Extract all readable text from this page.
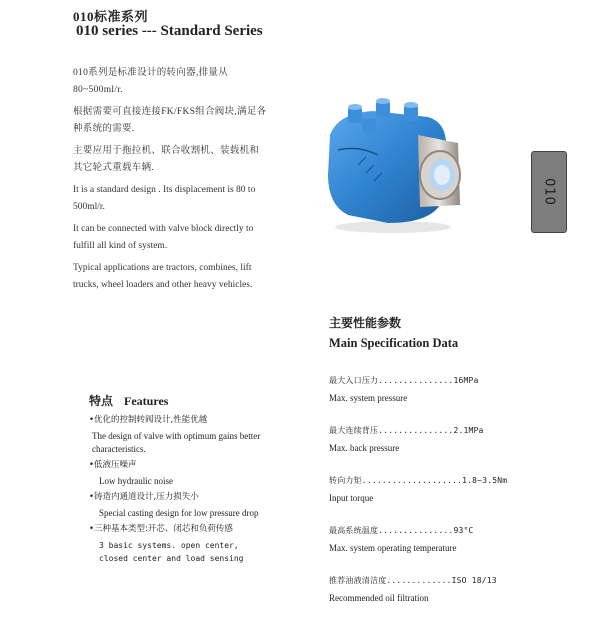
010标准系列
010 series --- Standard Series

010系列是标准设计的转向器,排量从80~500ml/r.

根据需要可直接连接FK/FKS组合阀块,满足各种系统的需要.

主要应用于拖拉机、联合收割机、装载机和其它轮式重载车辆.

It is a standard design . Its displacement is 80 to 500ml/r.

It can be connected with valve block directly to fulfill all kind of system.

Typical applications are tractors, combines, lift trucks, wheel loaders and other heavy vehicles.

010
主要性能参数
Main Specification Data
最大入口压力...............16MPa
Max. system pressure
最大连续背压...............2.1MPa
Max. back pressure
转向力矩....................1.8~3.5Nm
Input torque
最高系统温度...............93°C
Max. system operating temperature
推荐油液清洁度.............ISO 18/13
Recommended oil filtration
特点 Features
•优化的控制转阀设计,性能优越
The design of valve with optimum gains better characteristics.
•低液压噪声
Low hydraulic noise
•铸造内通道设计,压力损失小
Special casting design for low pressure drop
•三种基本类型:开芯、闭芯和负荷传感
3 basic systems. open center, closed center and load sensing
